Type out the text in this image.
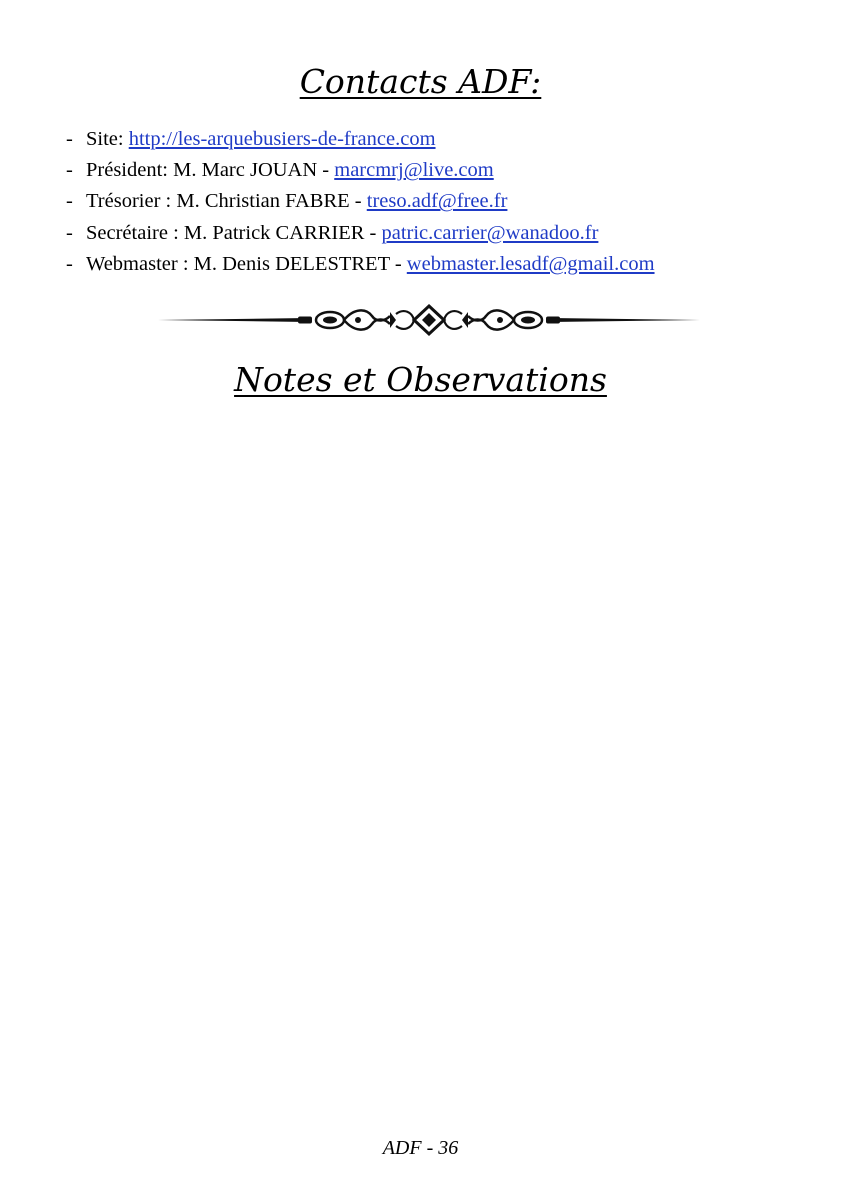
Contacts ADF:
- Site: http://les-arquebusiers-de-france.com
- Président: M. Marc JOUAN - marcmrj@live.com
- Trésorier : M. Christian FABRE - treso.adf@free.fr
- Secrétaire : M. Patrick CARRIER - patric.carrier@wanadoo.fr
- Webmaster : M. Denis DELESTRET - webmaster.lesadf@gmail.com
Notes et Observations
ADF - 36
